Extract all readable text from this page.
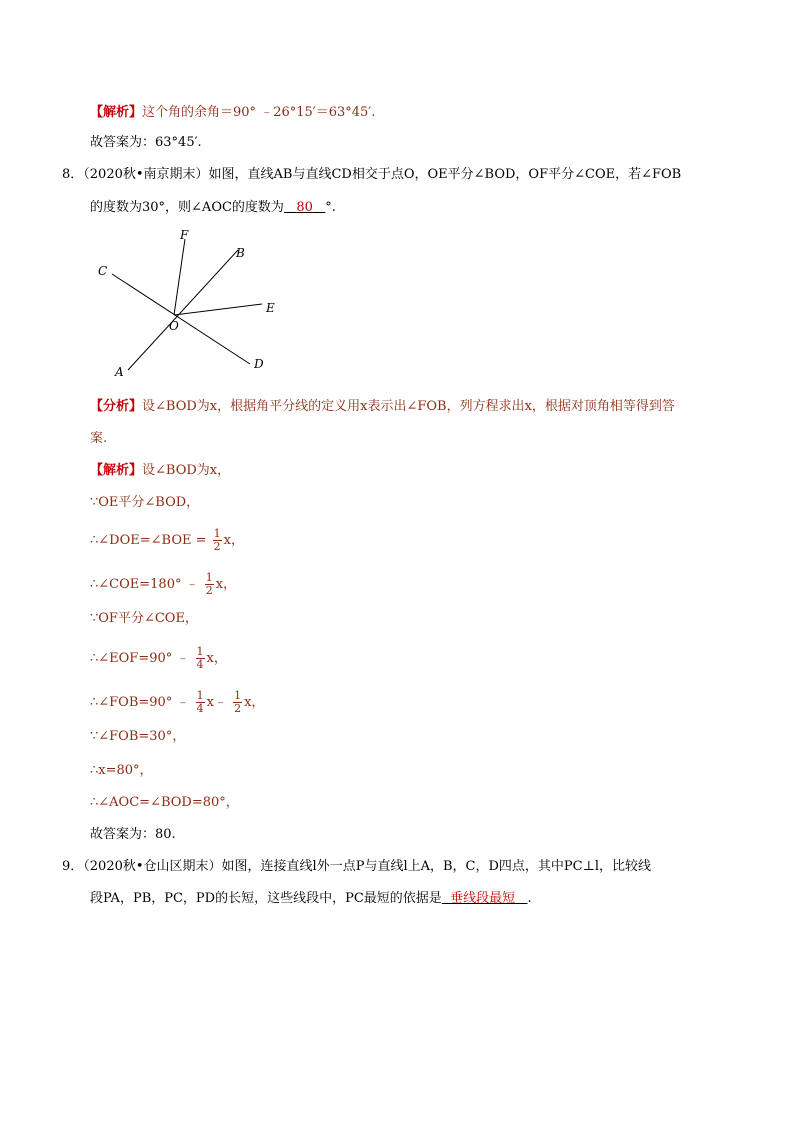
【解析】这个角的余角＝90° ﹣26°15′＝63°45′.
故答案为：63°45′.
8．（2020秋•南京期末）如图，直线AB与直线CD相交于点O，OE平分∠BOD，OF平分∠COE，若∠FOB
的度数为30°，则∠AOC的度数为 80 °.
F
B
C
E
O
D
A
【分析】设∠BOD为x，根据角平分线的定义用x表示出∠FOB，列方程求出x，根据对顶角相等得到答
案.
【解析】设∠BOD为x，
∵OE平分∠BOD，
∴∠DOE=∠BOE = $\frac{1}{2}$ x，
∴∠COE=180° ﹣ $\frac{1}{2}$ x，
∵OF平分∠COE，
∴∠EOF=90° ﹣ $\frac{1}{4}$ x，
∴∠FOB=90° ﹣ $\frac{1}{4}$ x﹣ $\frac{1}{2}$ x，
∵∠FOB=30°，
∴x=80°，
∴∠AOC=∠BOD=80°，
故答案为：80.
9．（2020秋•仓山区期末）如图，连接直线l外一点P与直线l上A，B，C，D四点，其中PC⊥l，比较线
段PA，PB，PC，PD的长短，这些线段中，PC最短的依据是 垂线段最短 .
